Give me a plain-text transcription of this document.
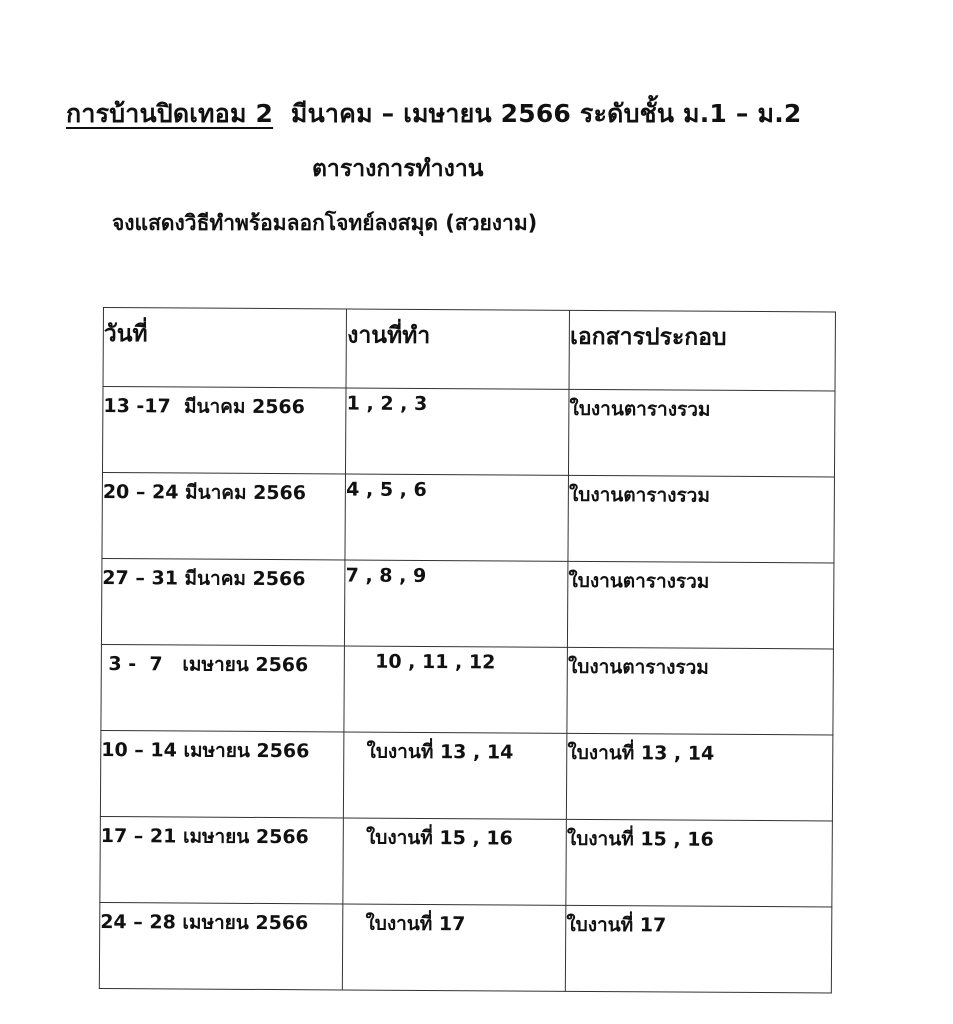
การบ้านปิดเทอม 2  มีนาคม – เมษายน 2566 ระดับชั้น ม.1 – ม.2
ตารางการทำงาน
จงแสดงวิธีทำพร้อมลอกโจทย์ลงสมุด (สวยงาม)
วันที่	งานที่ทำ	เอกสารประกอบ
13 -17  มีนาคม 2566	1 , 2 , 3	ใบงานตารางรวม
20 – 24 มีนาคม 2566	4 , 5 , 6	ใบงานตารางรวม
27 – 31 มีนาคม 2566	7 , 8 , 9	ใบงานตารางรวม
3 -  7   เมษายน 2566	10 , 11 , 12	ใบงานตารางรวม
10 – 14 เมษายน 2566	ใบงานที่ 13 , 14	ใบงานที่ 13 , 14
17 – 21 เมษายน 2566	ใบงานที่ 15 , 16	ใบงานที่ 15 , 16
24 – 28 เมษายน 2566	ใบงานที่ 17	ใบงานที่ 17
